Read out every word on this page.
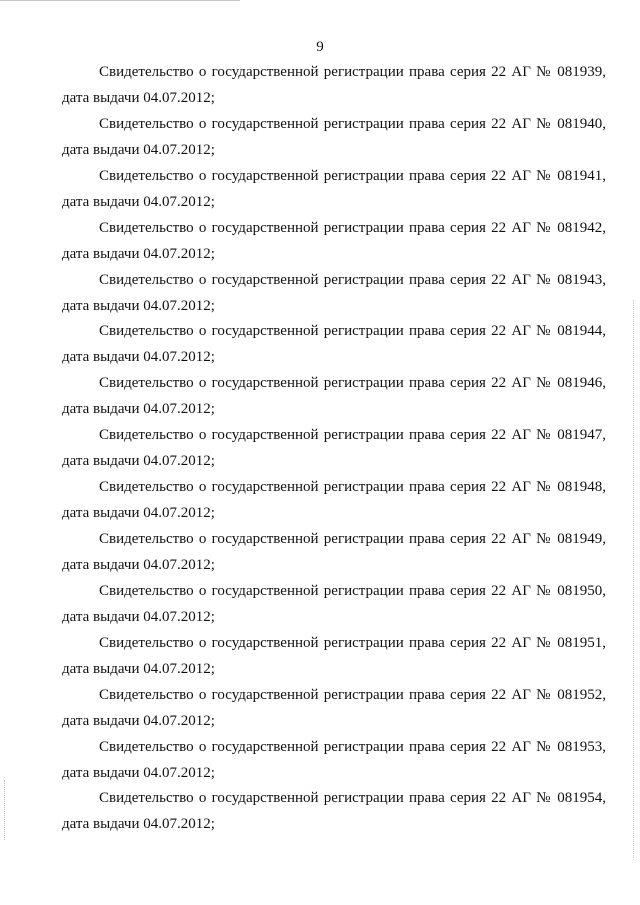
9
Свидетельство о государственной регистрации права серия 22 АГ № 081939,
дата выдачи 04.07.2012;
Свидетельство о государственной регистрации права серия 22 АГ № 081940,
дата выдачи 04.07.2012;
Свидетельство о государственной регистрации права серия 22 АГ № 081941,
дата выдачи 04.07.2012;
Свидетельство о государственной регистрации права серия 22 АГ № 081942,
дата выдачи 04.07.2012;
Свидетельство о государственной регистрации права серия 22 АГ № 081943,
дата выдачи 04.07.2012;
Свидетельство о государственной регистрации права серия 22 АГ № 081944,
дата выдачи 04.07.2012;
Свидетельство о государственной регистрации права серия 22 АГ № 081946,
дата выдачи 04.07.2012;
Свидетельство о государственной регистрации права серия 22 АГ № 081947,
дата выдачи 04.07.2012;
Свидетельство о государственной регистрации права серия 22 АГ № 081948,
дата выдачи 04.07.2012;
Свидетельство о государственной регистрации права серия 22 АГ № 081949,
дата выдачи 04.07.2012;
Свидетельство о государственной регистрации права серия 22 АГ № 081950,
дата выдачи 04.07.2012;
Свидетельство о государственной регистрации права серия 22 АГ № 081951,
дата выдачи 04.07.2012;
Свидетельство о государственной регистрации права серия 22 АГ № 081952,
дата выдачи 04.07.2012;
Свидетельство о государственной регистрации права серия 22 АГ № 081953,
дата выдачи 04.07.2012;
Свидетельство о государственной регистрации права серия 22 АГ № 081954,
дата выдачи 04.07.2012;
